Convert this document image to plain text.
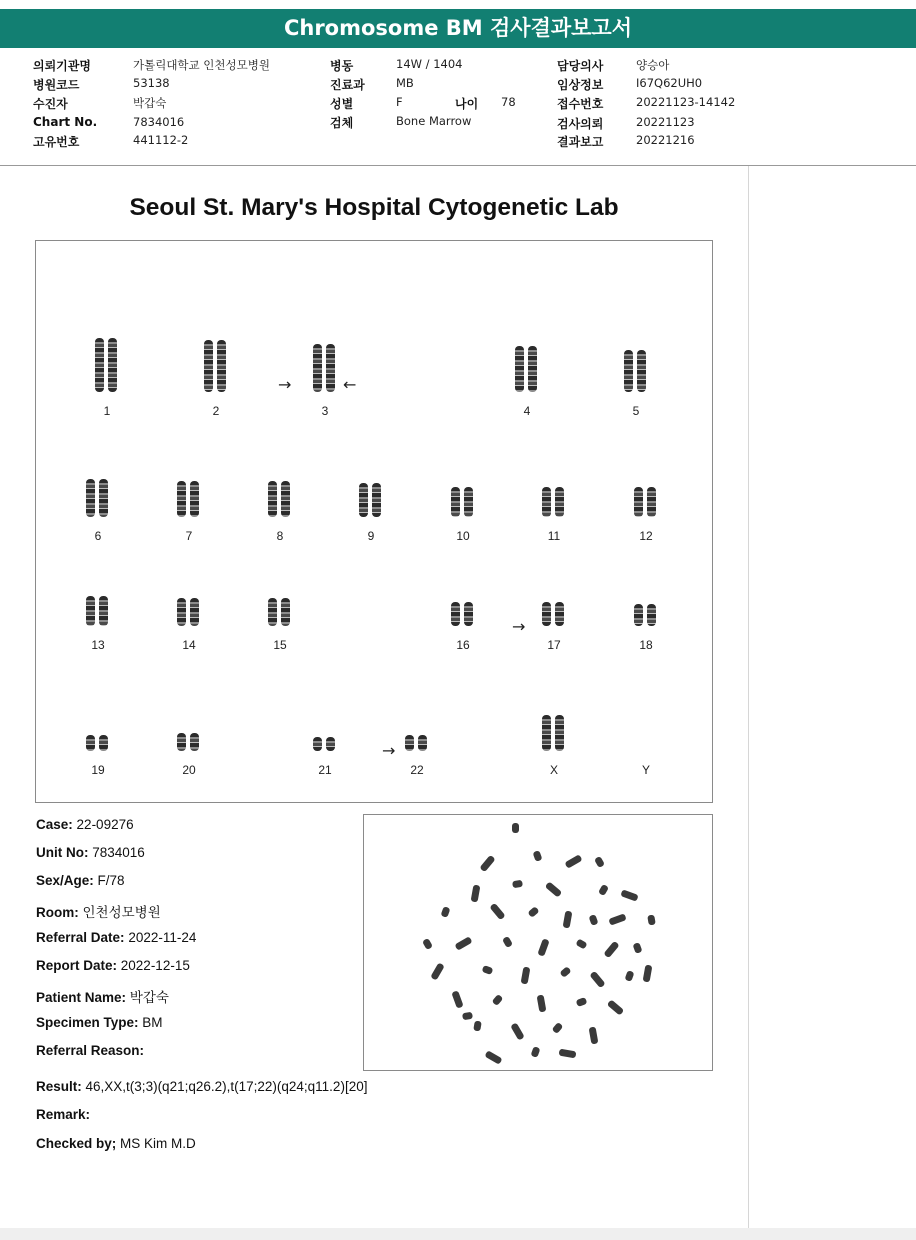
Chromosome BM 검사결과보고서
의뢰기관명	가톨릭대학교 인천성모병원
병원코드	53138
수진자	박갑숙
Chart No.	7834016
고유번호	441112-2
병동	14W / 1404
진료과	MB
성별	F	나이 78
검체	Bone Marrow
담당의사	양승아
임상정보	I67Q62UH0
접수번호	20221123-14142
검사의뢰	20221123
결과보고	20221216
Seoul St. Mary's Hospital Cytogenetic Lab
1	2	3	4	5
6	7	8	9	10	11	12
13	14	15	16	17	18
19	20	21	22	X	Y
→	←
→
→
Case: 22-09276
Unit No: 7834016
Sex/Age: F/78
Room: 인천성모병원
Referral Date: 2022-11-24
Report Date: 2022-12-15
Patient Name: 박갑숙
Specimen Type: BM
Referral Reason:
Result: 46,XX,t(3;3)(q21;q26.2),t(17;22)(q24;q11.2)[20]
Remark:
Checked by; MS Kim M.D
